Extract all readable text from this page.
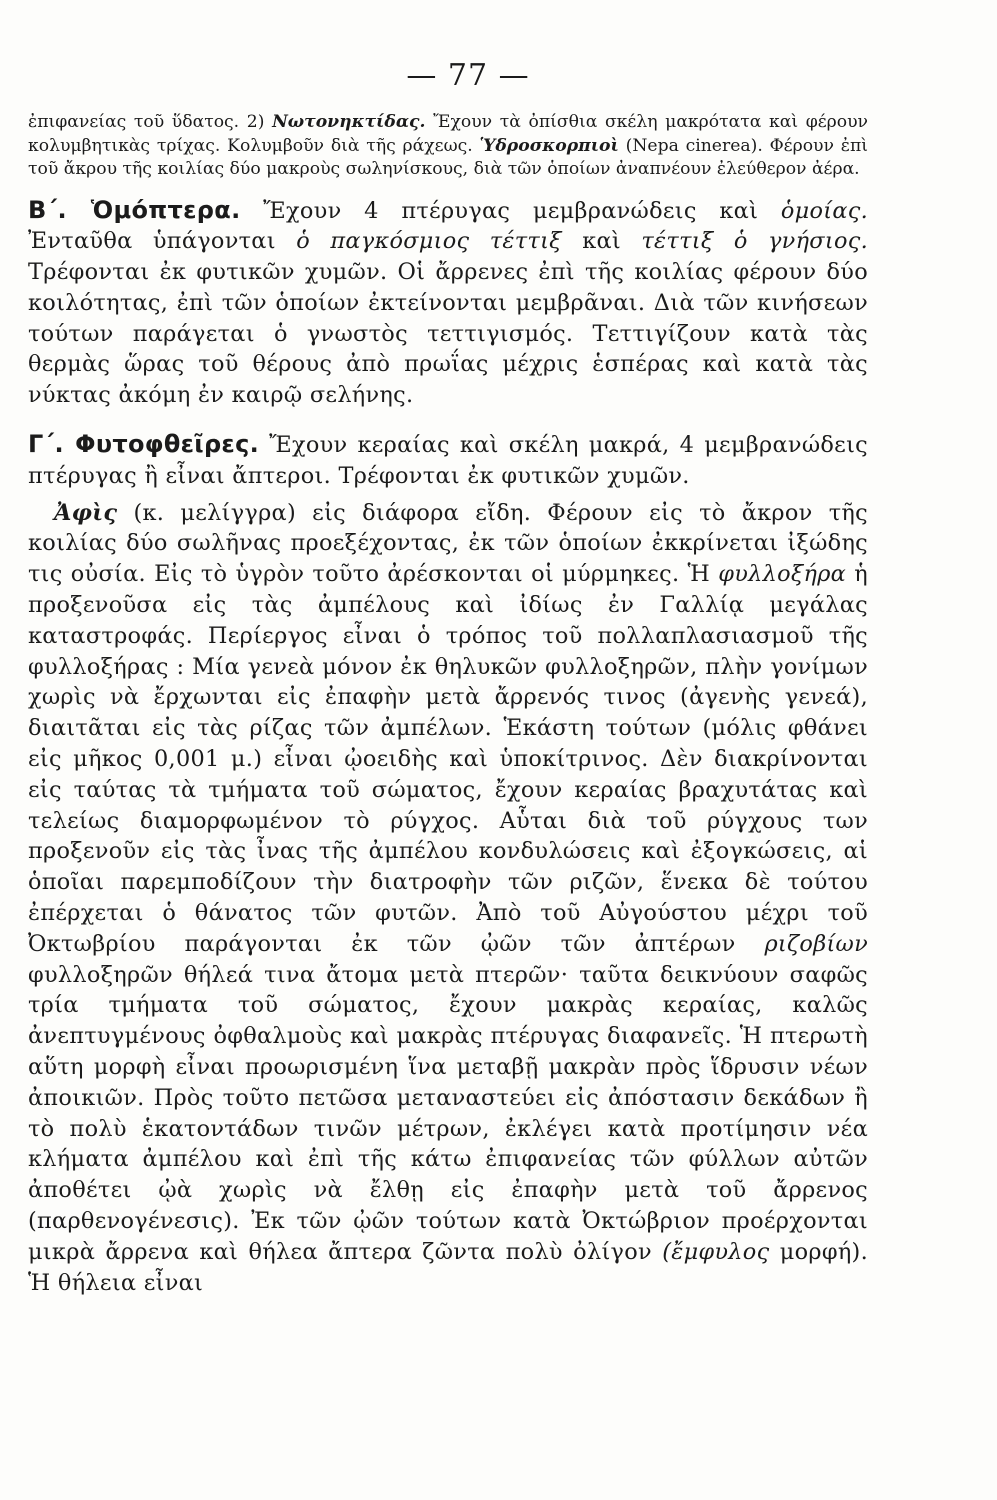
— 77 —

ἐπιφανείας τοῦ ὕδατος. 2) Νωτονηκτίδας. Ἔχουν τὰ ὀπίσθια σκέλη μακρότατα καὶ φέρουν κολυμβητικὰς τρίχας. Κολυμβοῦν διὰ τῆς ράχεως. Ὑδροσκορπιοὶ (Nepa cinerea). Φέρουν ἐπὶ τοῦ ἄκρου τῆς κοιλίας δύο μακροὺς σωληνίσκους, διὰ τῶν ὁποίων ἀναπνέουν ἐλεύθερον ἀέρα.

Β΄. Ὁμόπτερα. Ἔχουν 4 πτέρυγας μεμβρανώδεις καὶ ὁμοίας. Ἐνταῦθα ὑπάγονται ὁ παγκόσμιος τέττιξ καὶ τέττιξ ὁ γνήσιος. Τρέφονται ἐκ φυτικῶν χυμῶν. Οἱ ἄρρενες ἐπὶ τῆς κοιλίας φέρουν δύο κοιλότητας, ἐπὶ τῶν ὁποίων ἐκτείνονται μεμβρᾶναι. Διὰ τῶν κινήσεων τούτων παράγεται ὁ γνωστὸς τεττιγισμός. Τεττιγίζουν κατὰ τὰς θερμὰς ὥρας τοῦ θέρους ἀπὸ πρωΐας μέχρις ἑσπέρας καὶ κατὰ τὰς νύκτας ἀκόμη ἐν καιρῷ σελήνης.

Γ΄. Φυτοφθεῖρες. Ἔχουν κεραίας καὶ σκέλη μακρά, 4 μεμβρανώδεις πτέρυγας ἢ εἶναι ἄπτεροι. Τρέφονται ἐκ φυτικῶν χυμῶν.

Ἀφὶς (κ. μελίγγρα) εἰς διάφορα εἴδη. Φέρουν εἰς τὸ ἄκρον τῆς κοιλίας δύο σωλῆνας προεξέχοντας, ἐκ τῶν ὁποίων ἐκκρίνεται ἰξώδης τις οὐσία. Εἰς τὸ ὑγρὸν τοῦτο ἀρέσκονται οἱ μύρμηκες. Ἡ φυλλοξήρα ἡ προξενοῦσα εἰς τὰς ἀμπέλους καὶ ἰδίως ἐν Γαλλίᾳ μεγάλας καταστροφάς. Περίεργος εἶναι ὁ τρόπος τοῦ πολλαπλασιασμοῦ τῆς φυλλοξήρας : Μία γενεὰ μόνον ἐκ θηλυκῶν φυλλοξηρῶν, πλὴν γονίμων χωρὶς νὰ ἔρχωνται εἰς ἐπαφὴν μετὰ ἄρρενός τινος (ἀγενὴς γενεά), διαιτᾶται εἰς τὰς ρίζας τῶν ἀμπέλων. Ἑκάστη τούτων (μόλις φθάνει εἰς μῆκος 0,001 μ.) εἶναι ᾠοειδὴς καὶ ὑποκίτρινος. Δὲν διακρίνονται εἰς ταύτας τὰ τμήματα τοῦ σώματος, ἔχουν κεραίας βραχυτάτας καὶ τελείως διαμορφωμένον τὸ ρύγχος. Αὗται διὰ τοῦ ρύγχους των προξενοῦν εἰς τὰς ἶνας τῆς ἀμπέλου κονδυλώσεις καὶ ἐξογκώσεις, αἱ ὁποῖαι παρεμποδίζουν τὴν διατροφὴν τῶν ριζῶν, ἕνεκα δὲ τούτου ἐπέρχεται ὁ θάνατος τῶν φυτῶν. Ἀπὸ τοῦ Αὐγούστου μέχρι τοῦ Ὀκτωβρίου παράγονται ἐκ τῶν ᾠῶν τῶν ἀπτέρων ριζοβίων φυλλοξηρῶν θήλεά τινα ἄτομα μετὰ πτερῶν· ταῦτα δεικνύουν σαφῶς τρία τμήματα τοῦ σώματος, ἔχουν μακρὰς κεραίας, καλῶς ἀνεπτυγμένους ὀφθαλμοὺς καὶ μακρὰς πτέρυγας διαφανεῖς. Ἡ πτερωτὴ αὕτη μορφὴ εἶναι προωρισμένη ἵνα μεταβῇ μακρὰν πρὸς ἵδρυσιν νέων ἀποικιῶν. Πρὸς τοῦτο πετῶσα μεταναστεύει εἰς ἀπόστασιν δεκάδων ἢ τὸ πολὺ ἑκατοντάδων τινῶν μέτρων, ἐκλέγει κατὰ προτίμησιν νέα κλήματα ἀμπέλου καὶ ἐπὶ τῆς κάτω ἐπιφανείας τῶν φύλλων αὐτῶν ἀποθέτει ᾠὰ χωρὶς νὰ ἔλθῃ εἰς ἐπαφὴν μετὰ τοῦ ἄρρενος (παρθενογένεσις). Ἐκ τῶν ᾠῶν τούτων κατὰ Ὀκτώβριον προέρχονται μικρὰ ἄρρενα καὶ θήλεα ἄπτερα ζῶντα πολὺ ὀλίγον (ἔμφυλος μορφή). Ἡ θήλεια εἶναι
